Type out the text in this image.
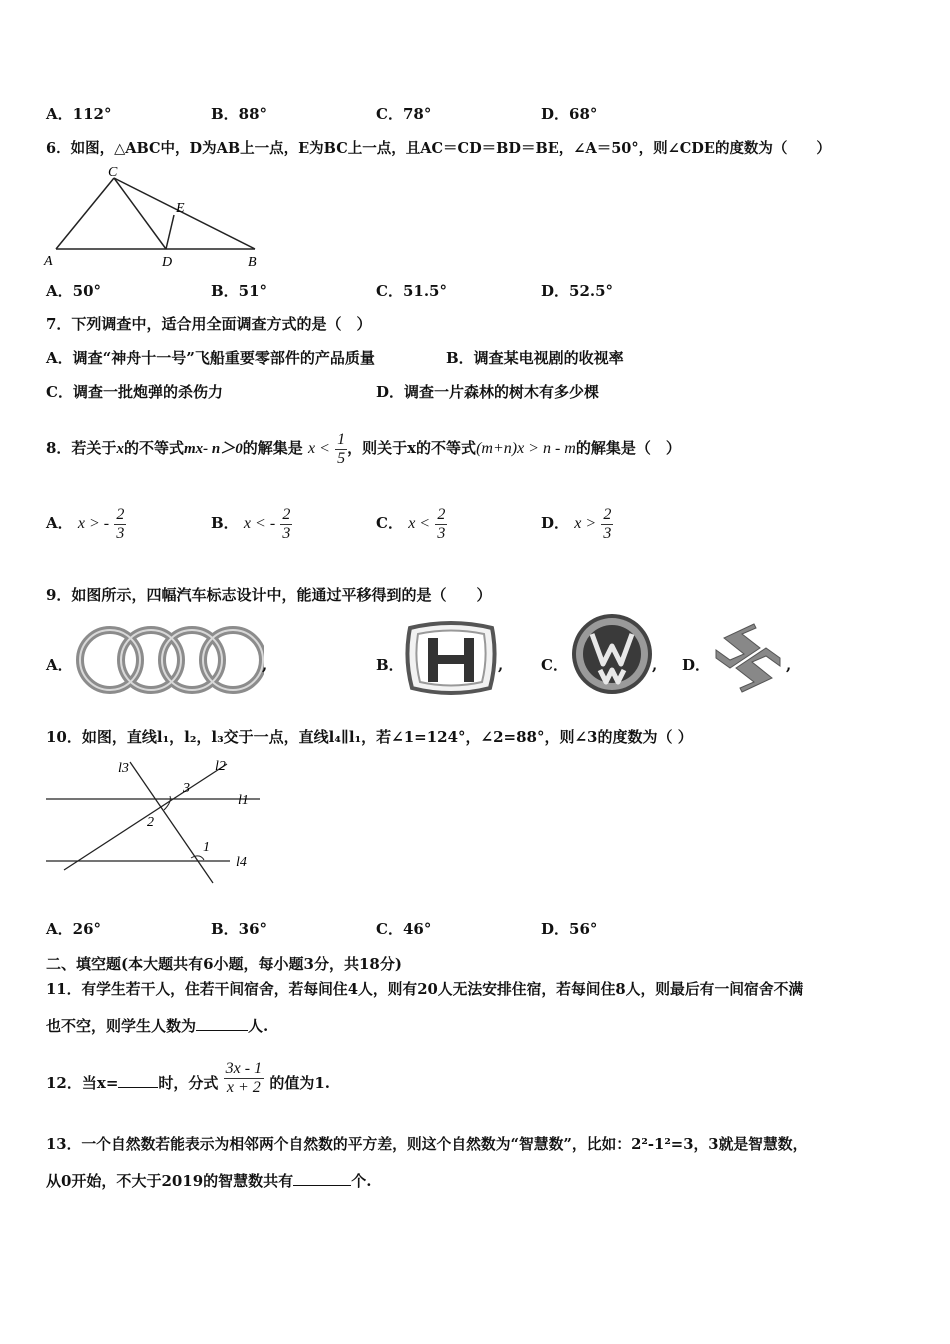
A．112°	B．88°	C．78°	D．68°
6．如图，△ABC中，D为AB上一点，E为BC上一点，且AC＝CD＝BD＝BE，∠A＝50°，则∠CDE的度数为（　　）
C
E
A	D	B
A．50°	B．51°	C．51.5°	D．52.5°
7．下列调查中，适合用全面调查方式的是（　）
A．调查“神舟十一号”飞船重要零部件的产品质量	B．调查某电视剧的收视率
C．调查一批炮弹的杀伤力	D．调查一片森林的树木有多少棵
8．若关于x的不等式mx- n＞0的解集是 $x < \frac{1}{5}$ ，则关于x的不等式(m+n)x > n - m的解集是（　）
A． x > - $\frac{2}{3}$	B． x < - $\frac{2}{3}$	C． $x < \frac{2}{3}$	D． $x > \frac{2}{3}$
9．如图所示，四幅汽车标志设计中，能通过平移得到的是（　　）
A．	,	B．	,	C．	, D．	,
10．如图，直线l₁，l₂，l₃交于一点，直线l₄∥l₁，若∠1=124°，∠2=88°，则∠3的度数为（ ）
l3	l2
l1
l4
3
2
1
A．26°	B．36°	C．46°	D．56°
二、填空题(本大题共有6小题，每小题3分，共18分)
11．有学生若干人，住若干间宿舍，若每间住4人，则有20人无法安排住宿，若每间住8人，则最后有一间宿舍不满
也不空，则学生人数为	人.
12．当x=	时，分式 $\frac{3x - 1}{x + 2}$ 的值为1.
13．一个自然数若能表示为相邻两个自然数的平方差，则这个自然数为“智慧数”，比如：2²-1²=3，3就是智慧数，
从0开始，不大于2019的智慧数共有	个.
